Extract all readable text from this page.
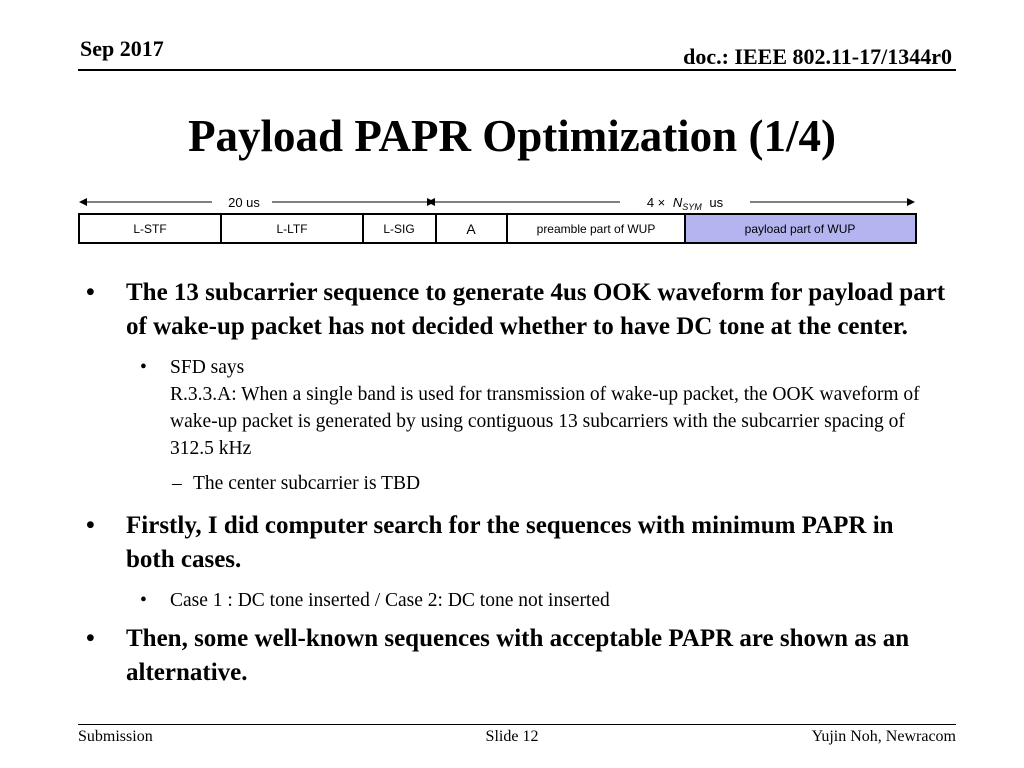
Sep 2017	doc.: IEEE 802.11-17/1344r0
Payload PAPR Optimization (1/4)
20 us	$4 \times N_{SYM}$ us
L-STF	L-LTF	L-SIG	A	preamble part of WUP	payload part of WUP
• The 13 subcarrier sequence to generate 4us OOK waveform for payload part of wake-up packet has not decided whether to have DC tone at the center.
• SFD says
R.3.3.A: When a single band is used for transmission of wake-up packet, the OOK waveform of wake-up packet is generated by using contiguous 13 subcarriers with the subcarrier spacing of 312.5 kHz
– The center subcarrier is TBD
• Firstly, I did computer search for the sequences with minimum PAPR in both cases.
• Case 1 : DC tone inserted / Case 2: DC tone not inserted
• Then, some well-known sequences with acceptable PAPR are shown as an alternative.
Submission	Slide 12	Yujin Noh, Newracom
